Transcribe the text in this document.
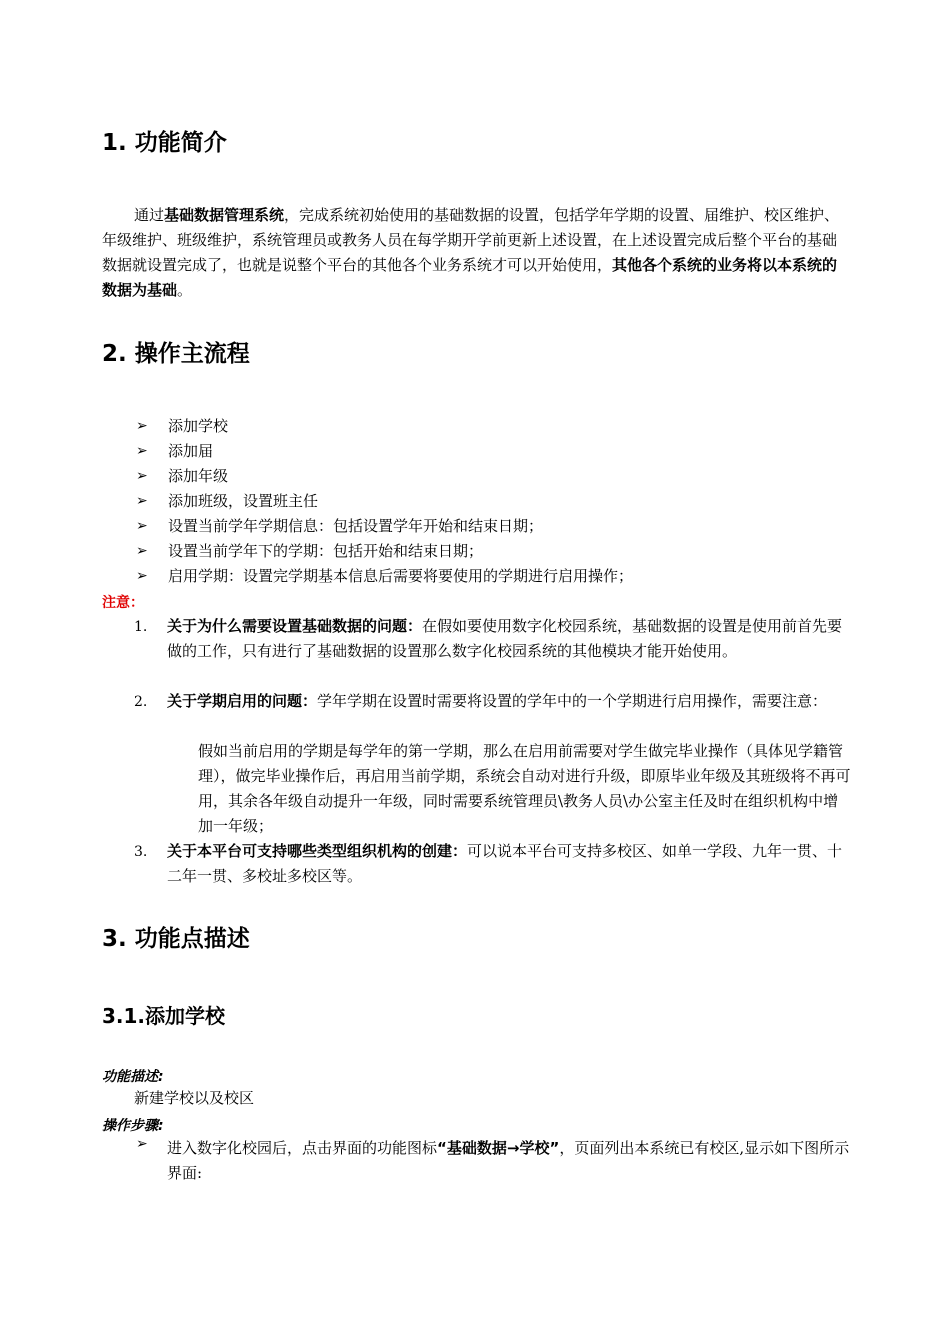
1. 功能简介
通过基础数据管理系统，完成系统初始使用的基础数据的设置，包括学年学期的设置、届维护、校区维护、年级维护、班级维护，系统管理员或教务人员在每学期开学前更新上述设置，在上述设置完成后整个平台的基础数据就设置完成了，也就是说整个平台的其他各个业务系统才可以开始使用，其他各个系统的业务将以本系统的数据为基础。
2. 操作主流程
➢ 添加学校
➢ 添加届
➢ 添加年级
➢ 添加班级，设置班主任
➢ 设置当前学年学期信息：包括设置学年开始和结束日期；
➢ 设置当前学年下的学期：包括开始和结束日期；
➢ 启用学期：设置完学期基本信息后需要将要使用的学期进行启用操作；
注意：
1. 关于为什么需要设置基础数据的问题：在假如要使用数字化校园系统，基础数据的设置是使用前首先要做的工作，只有进行了基础数据的设置那么数字化校园系统的其他模块才能开始使用。
2. 关于学期启用的问题：学年学期在设置时需要将设置的学年中的一个学期进行启用操作，需要注意：
假如当前启用的学期是每学年的第一学期，那么在启用前需要对学生做完毕业操作（具体见学籍管理），做完毕业操作后，再启用当前学期，系统会自动对进行升级，即原毕业年级及其班级将不再可用，其余各年级自动提升一年级，同时需要系统管理员\教务人员\办公室主任及时在组织机构中增加一年级；
3. 关于本平台可支持哪些类型组织机构的创建：可以说本平台可支持多校区、如单一学段、九年一贯、十二年一贯、多校址多校区等。
3. 功能点描述
3.1.添加学校
功能描述:
新建学校以及校区
操作步骤:
➢ 进入数字化校园后，点击界面的功能图标“基础数据→学校”，页面列出本系统已有校区,显示如下图所示界面:
